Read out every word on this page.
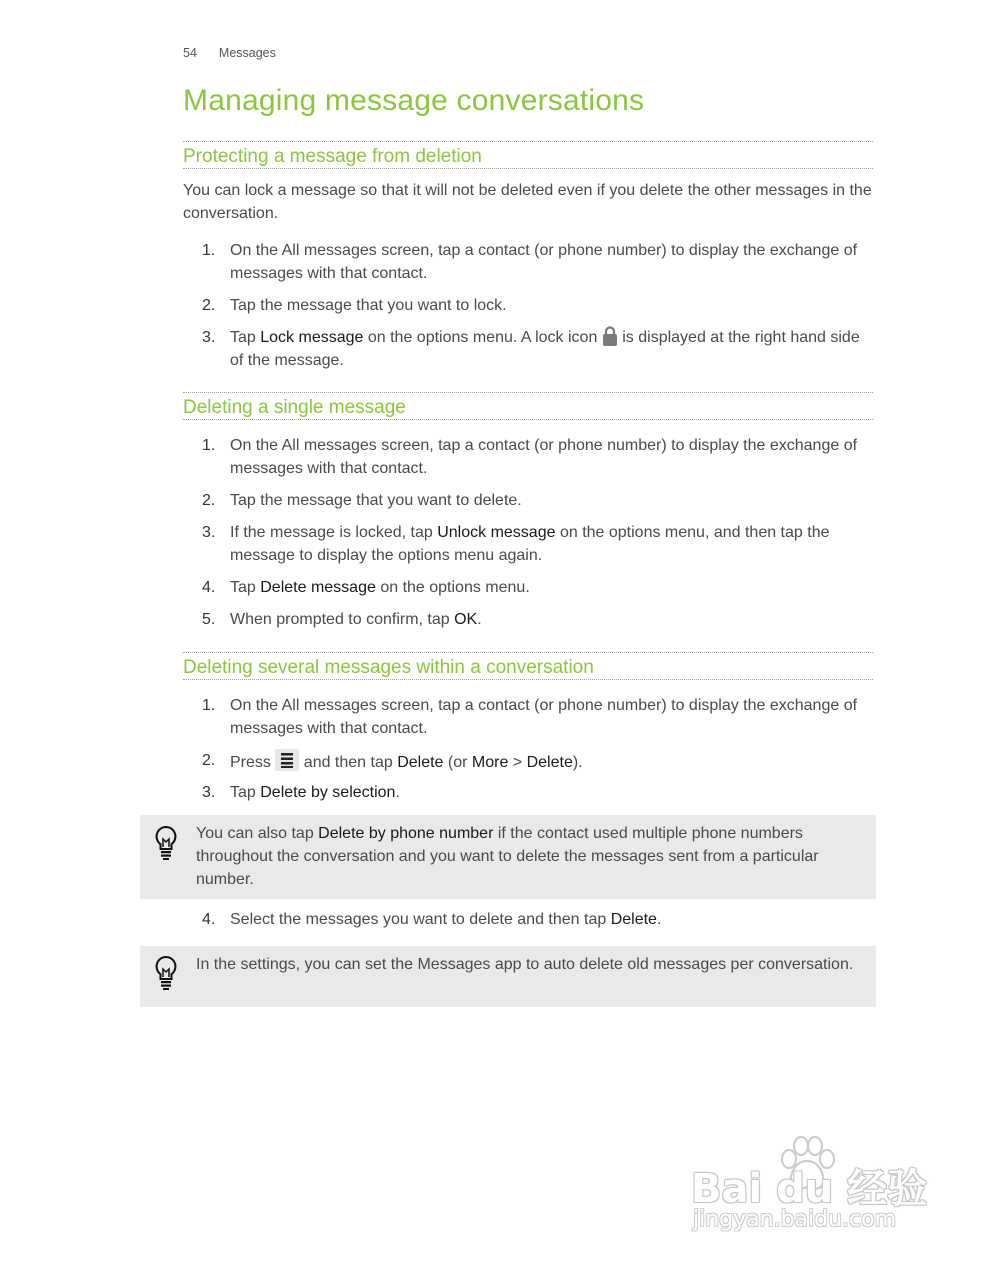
54 Messages
Managing message conversations
Protecting a message from deletion

You can lock a message so that it will not be deleted even if you delete the other messages in the conversation.

1. On the All messages screen, tap a contact (or phone number) to display the exchange of messages with that contact.
2. Tap the message that you want to lock.
3. Tap Lock message on the options menu. A lock icon  is displayed at the right hand side of the message.
Deleting a single message
1. On the All messages screen, tap a contact (or phone number) to display the exchange of messages with that contact.
2. Tap the message that you want to delete.
3. If the message is locked, tap Unlock message on the options menu, and then tap the message to display the options menu again.
4. Tap Delete message on the options menu.
5. When prompted to confirm, tap OK.
Deleting several messages within a conversation
1. On the All messages screen, tap a contact (or phone number) to display the exchange of messages with that contact.
2. Press  and then tap Delete (or More > Delete).
3. Tap Delete by selection.
You can also tap Delete by phone number if the contact used multiple phone numbers throughout the conversation and you want to delete the messages sent from a particular number.
4. Select the messages you want to delete and then tap Delete.
In the settings, you can set the Messages app to auto delete old messages per conversation.
Bai du 经验
jingyan.baidu.com
